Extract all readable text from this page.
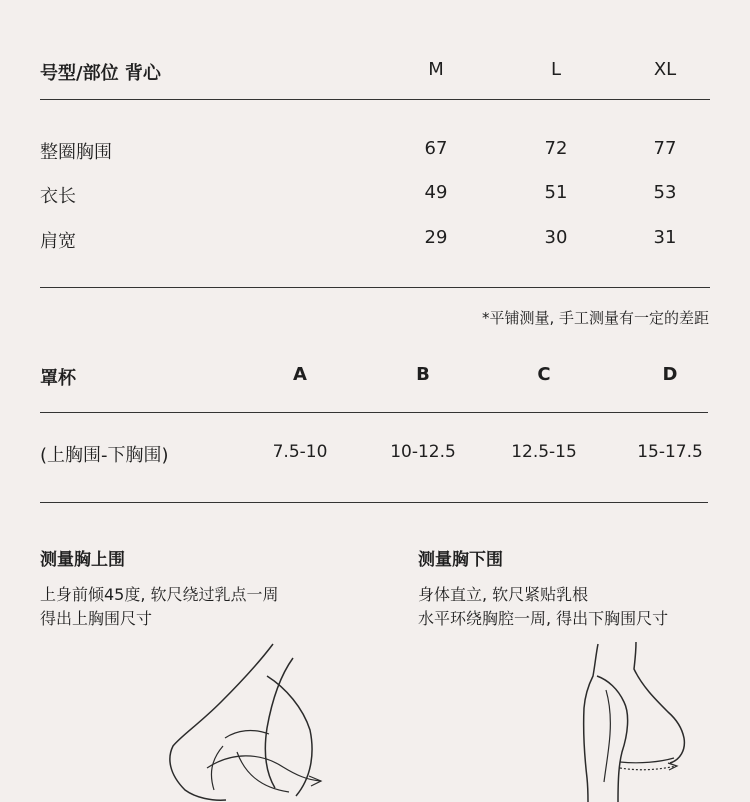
号型/部位 背心	M	L	XL
整圈胸围	67	72	77
衣长	49	51	53
肩宽	29	30	31
*平铺测量, 手工测量有一定的差距
罩杯	A	B	C	D
(上胸围-下胸围)	7.5-10	10-12.5	12.5-15	15-17.5
测量胸上围
上身前倾45度, 软尺绕过乳点一周
得出上胸围尺寸
测量胸下围
身体直立, 软尺紧贴乳根
水平环绕胸腔一周, 得出下胸围尺寸
